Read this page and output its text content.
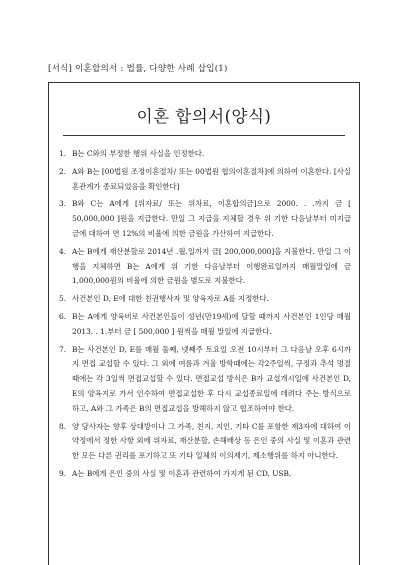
[서식] 이혼합의서 : 법률, 다양한 사례 삽입(1)
이혼 합의서(양식)
1. B는 C와의 부정한 행위 사실을 인정한다.
2. A와 B는 [00법원 조정이혼절차/ 또는 00법원 협의이혼절차]에 의하여 이혼한다. [사실혼관계가 종료되었음을 확인한다]
3. B와 C는 A에게 [위자료/ 또는 위차료, 이혼합의금]으로 2000. . .까지 금 [ 50,000,000 ]원을 지급한다. 만일 그 지급을 지체할 경우 위 기한 다음날부터 미지급금에 대하여 연 12%의 비율에 의한 금원을 가산하여 지급한다.
4. A는 B에게 재산분할로 2014년 .월.일까지 금[ 200,000,000]을 지불한다. 만일 그 이행을 지체하면 B는 A에게 위 기한 다음날부터 이행완료일까지 매월말일에 금 1,000,000원의 비율에 의한 금원을 별도로 지불한다.
5. 사건본인 D, E에 대한 친권행사자 및 양육자로 A를 지정한다.
6. B는 A에게 양육비로 사건본인들이 성년(만19세)에 달할 때까지 사건본인 1인당 매월 2013. . 1.부터 금 [ 500,000 ] 원씩을 매월 말일에 지급한다.
7. B는 사건본인 D, E를 매월 둘째, 넷째주 토요일 오전 10시부터 그 다음날 오후 6시까지 면접 교섭할 수 있다. 그 외에 여름과 겨울 방학때에는 각2주일씩, 구정과 추석 명절때에는 각 3일씩 면접교섭할 수 있다. 면접교섭 방식은 B가 교섭개시일에 사건본인 D, E의 양육지로 가서 인수하여 면접교섭한 후 다시 교섭종료일에 데려다 주는 방식으로 하고, A와 그 가족은 B의 면접교섭을 방해하지 않고 협조하여야 한다.
8. 양 당사자는 향후 상대방이나 그 가족, 친지, 지인, 기타 C를 포함한 제3자에 대하여 이 약정에서 정한 사항 외에 위자료, 재산분할, 손해배상 등 은인 중의 사실 및 이혼과 관련한 모든 다른 권리를 포기하고 또 기타 일체의 이의제기, 제소행위를 하지 아니한다.
9. A는 B에게 은인 중의 사실 및 이혼과 관련하여 가지게 된 CD, USB,
